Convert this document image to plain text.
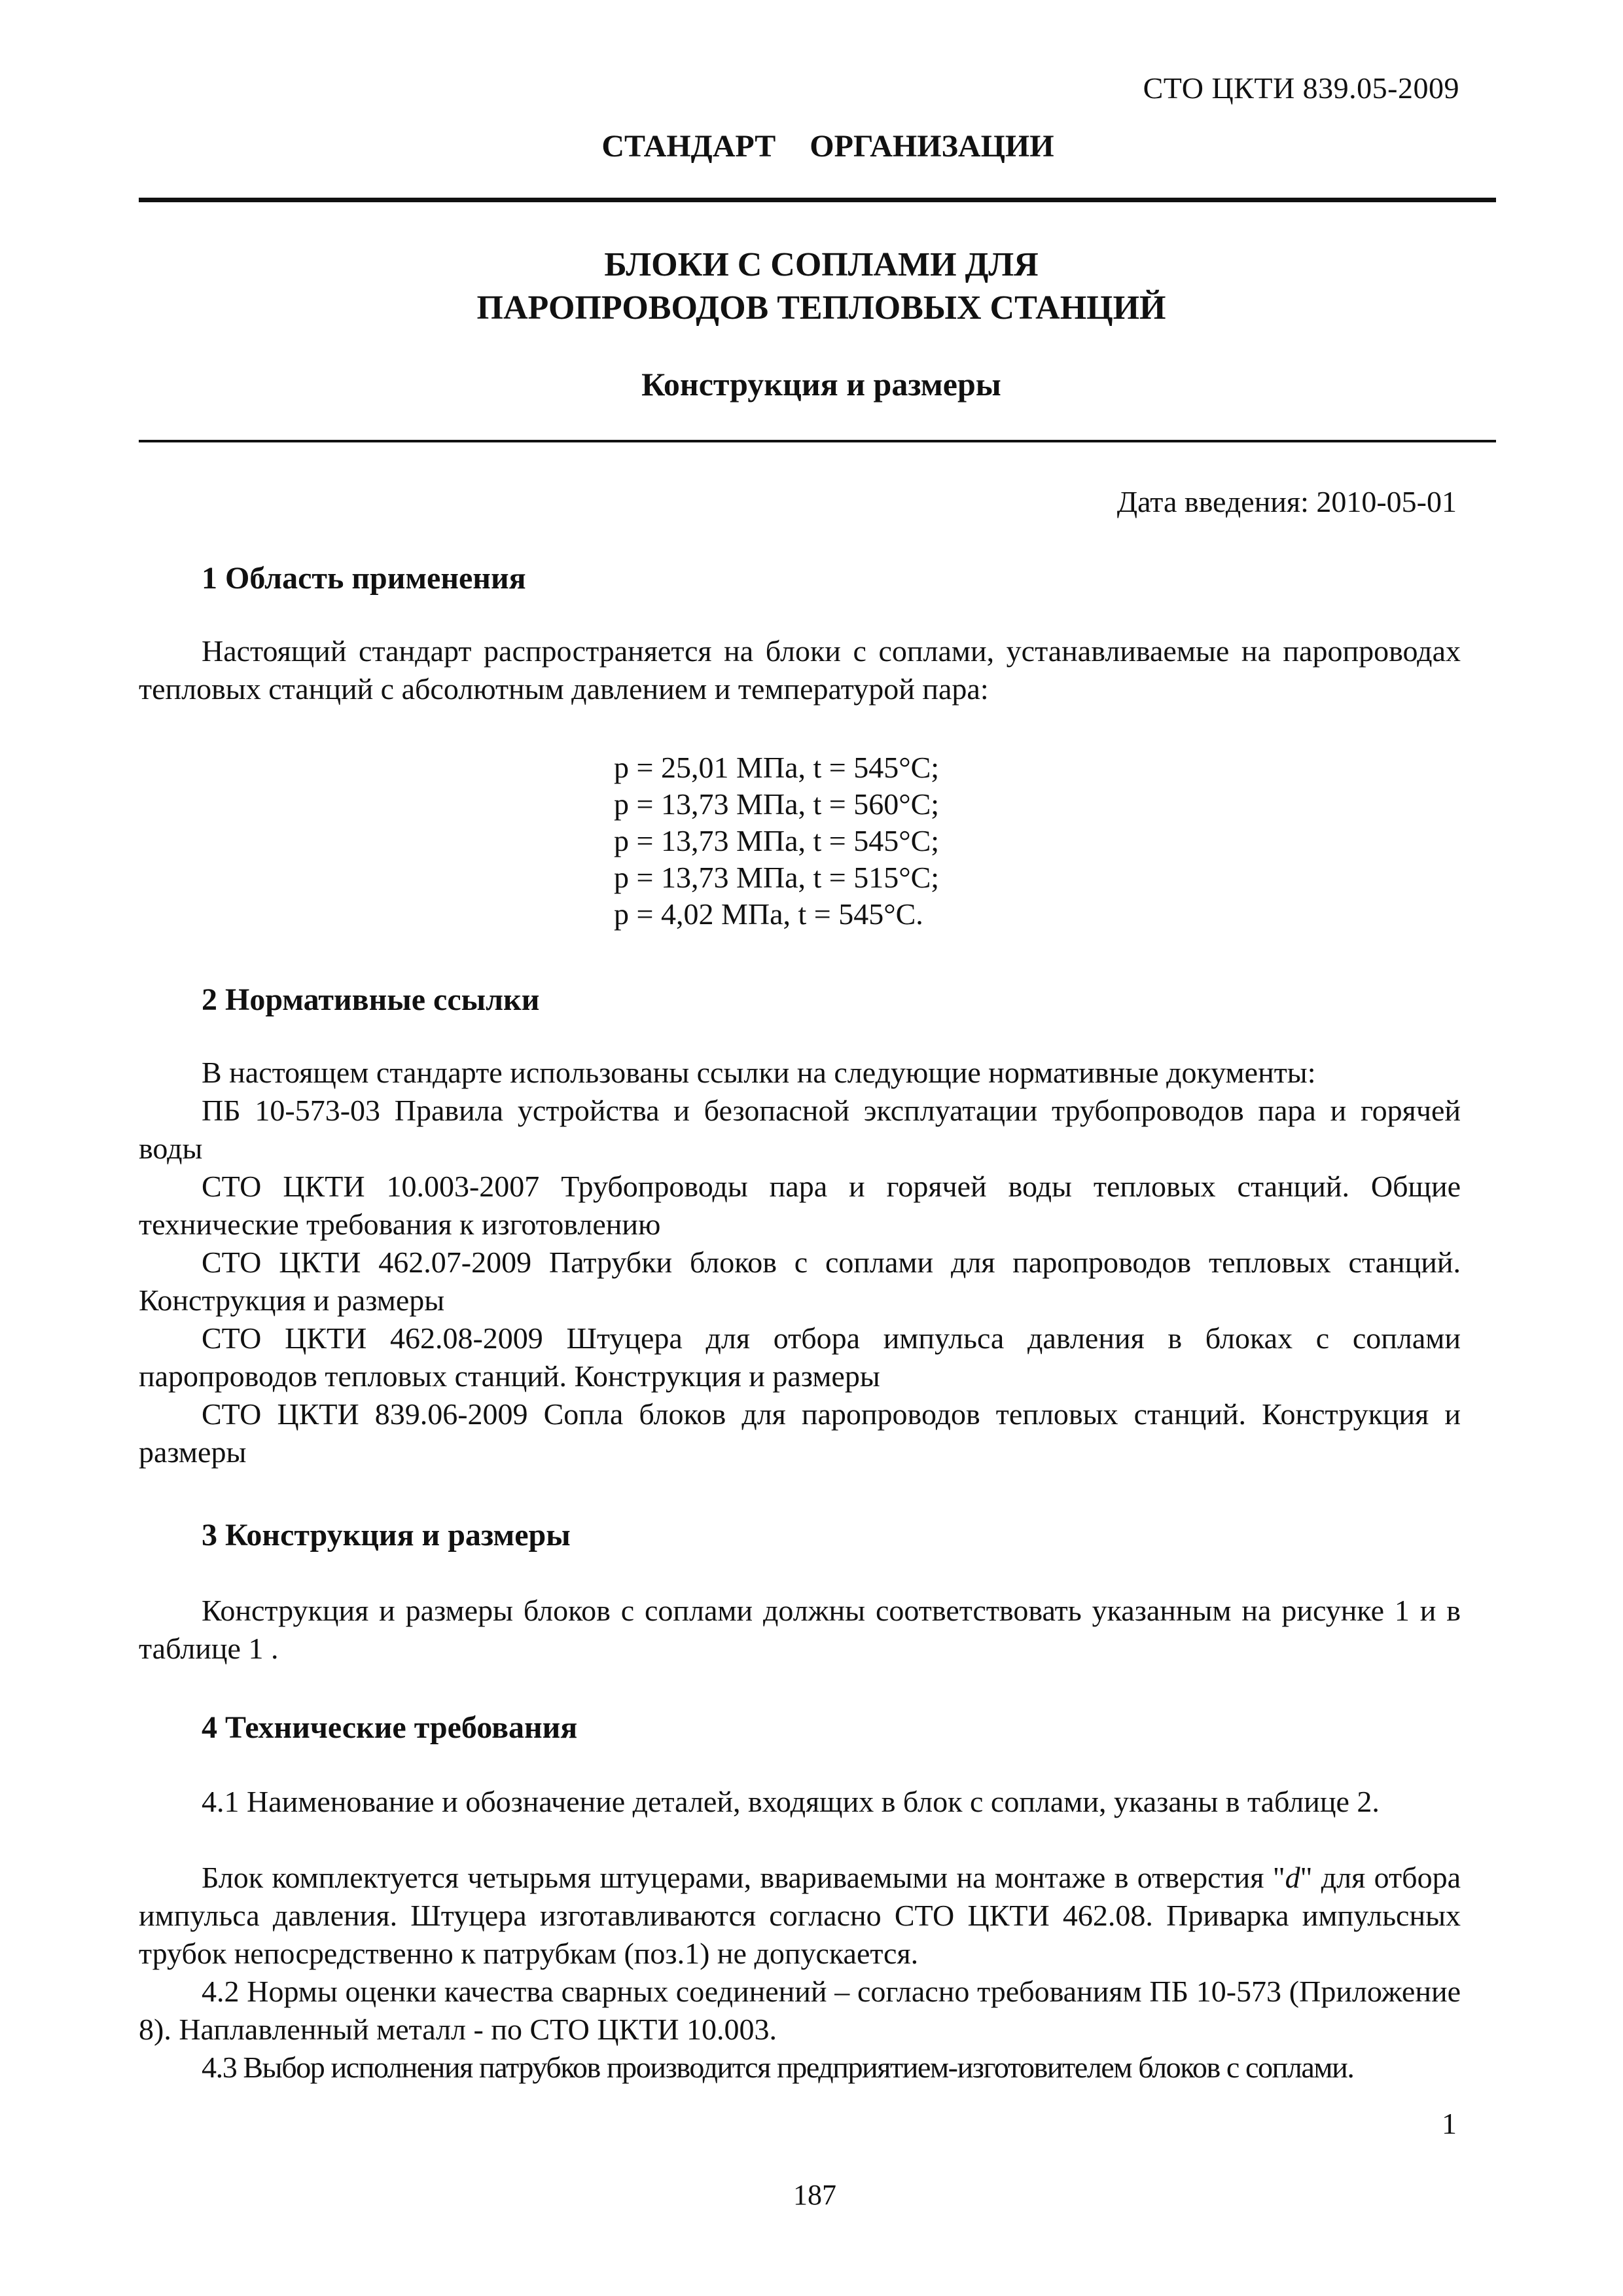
СТО ЦКТИ 839.05-2009
СТАНДАРТ ОРГАНИЗАЦИИ
БЛОКИ С СОПЛАМИ ДЛЯ
ПАРОПРОВОДОВ ТЕПЛОВЫХ СТАНЦИЙ
Конструкция и размеры
Дата введения: 2010-05-01
1 Область применения
Настоящий стандарт распространяется на блоки с соплами, устанавливаемые на паропроводах тепловых станций с абсолютным давлением и температурой пара:
p = 25,01 МПа, t = 545°С;
p = 13,73 МПа, t = 560°С;
p = 13,73 МПа, t = 545°С;
p = 13,73 МПа, t = 515°С;
p = 4,02 МПа, t = 545°С.
2 Нормативные ссылки
В настоящем стандарте использованы ссылки на следующие нормативные документы:
ПБ 10-573-03 Правила устройства и безопасной эксплуатации трубопроводов пара и горячей воды
СТО ЦКТИ 10.003-2007 Трубопроводы пара и горячей воды тепловых станций. Общие технические требования к изготовлению
СТО ЦКТИ 462.07-2009 Патрубки блоков с соплами для паропроводов тепловых станций. Конструкция и размеры
СТО ЦКТИ 462.08-2009 Штуцера для отбора импульса давления в блоках с соплами паропроводов тепловых станций. Конструкция и размеры
СТО ЦКТИ 839.06-2009 Сопла блоков для паропроводов тепловых станций. Конструкция и размеры
3 Конструкция и размеры
Конструкция и размеры блоков с соплами должны соответствовать указанным на рисунке 1 и в таблице 1 .
4 Технические требования
4.1 Наименование и обозначение деталей, входящих в блок с соплами, указаны в таблице 2.
Блок комплектуется четырьмя штуцерами, ввариваемыми на монтаже в отверстия "d" для отбора импульса давления. Штуцера изготавливаются согласно СТО ЦКТИ 462.08. Приварка импульсных трубок непосредственно к патрубкам (поз.1) не допускается.
4.2 Нормы оценки качества сварных соединений – согласно требованиям ПБ 10-573 (Приложение 8). Наплавленный металл - по СТО ЦКТИ 10.003.
4.3 Выбор исполнения патрубков производится предприятием-изготовителем блоков с соплами.
1
187
